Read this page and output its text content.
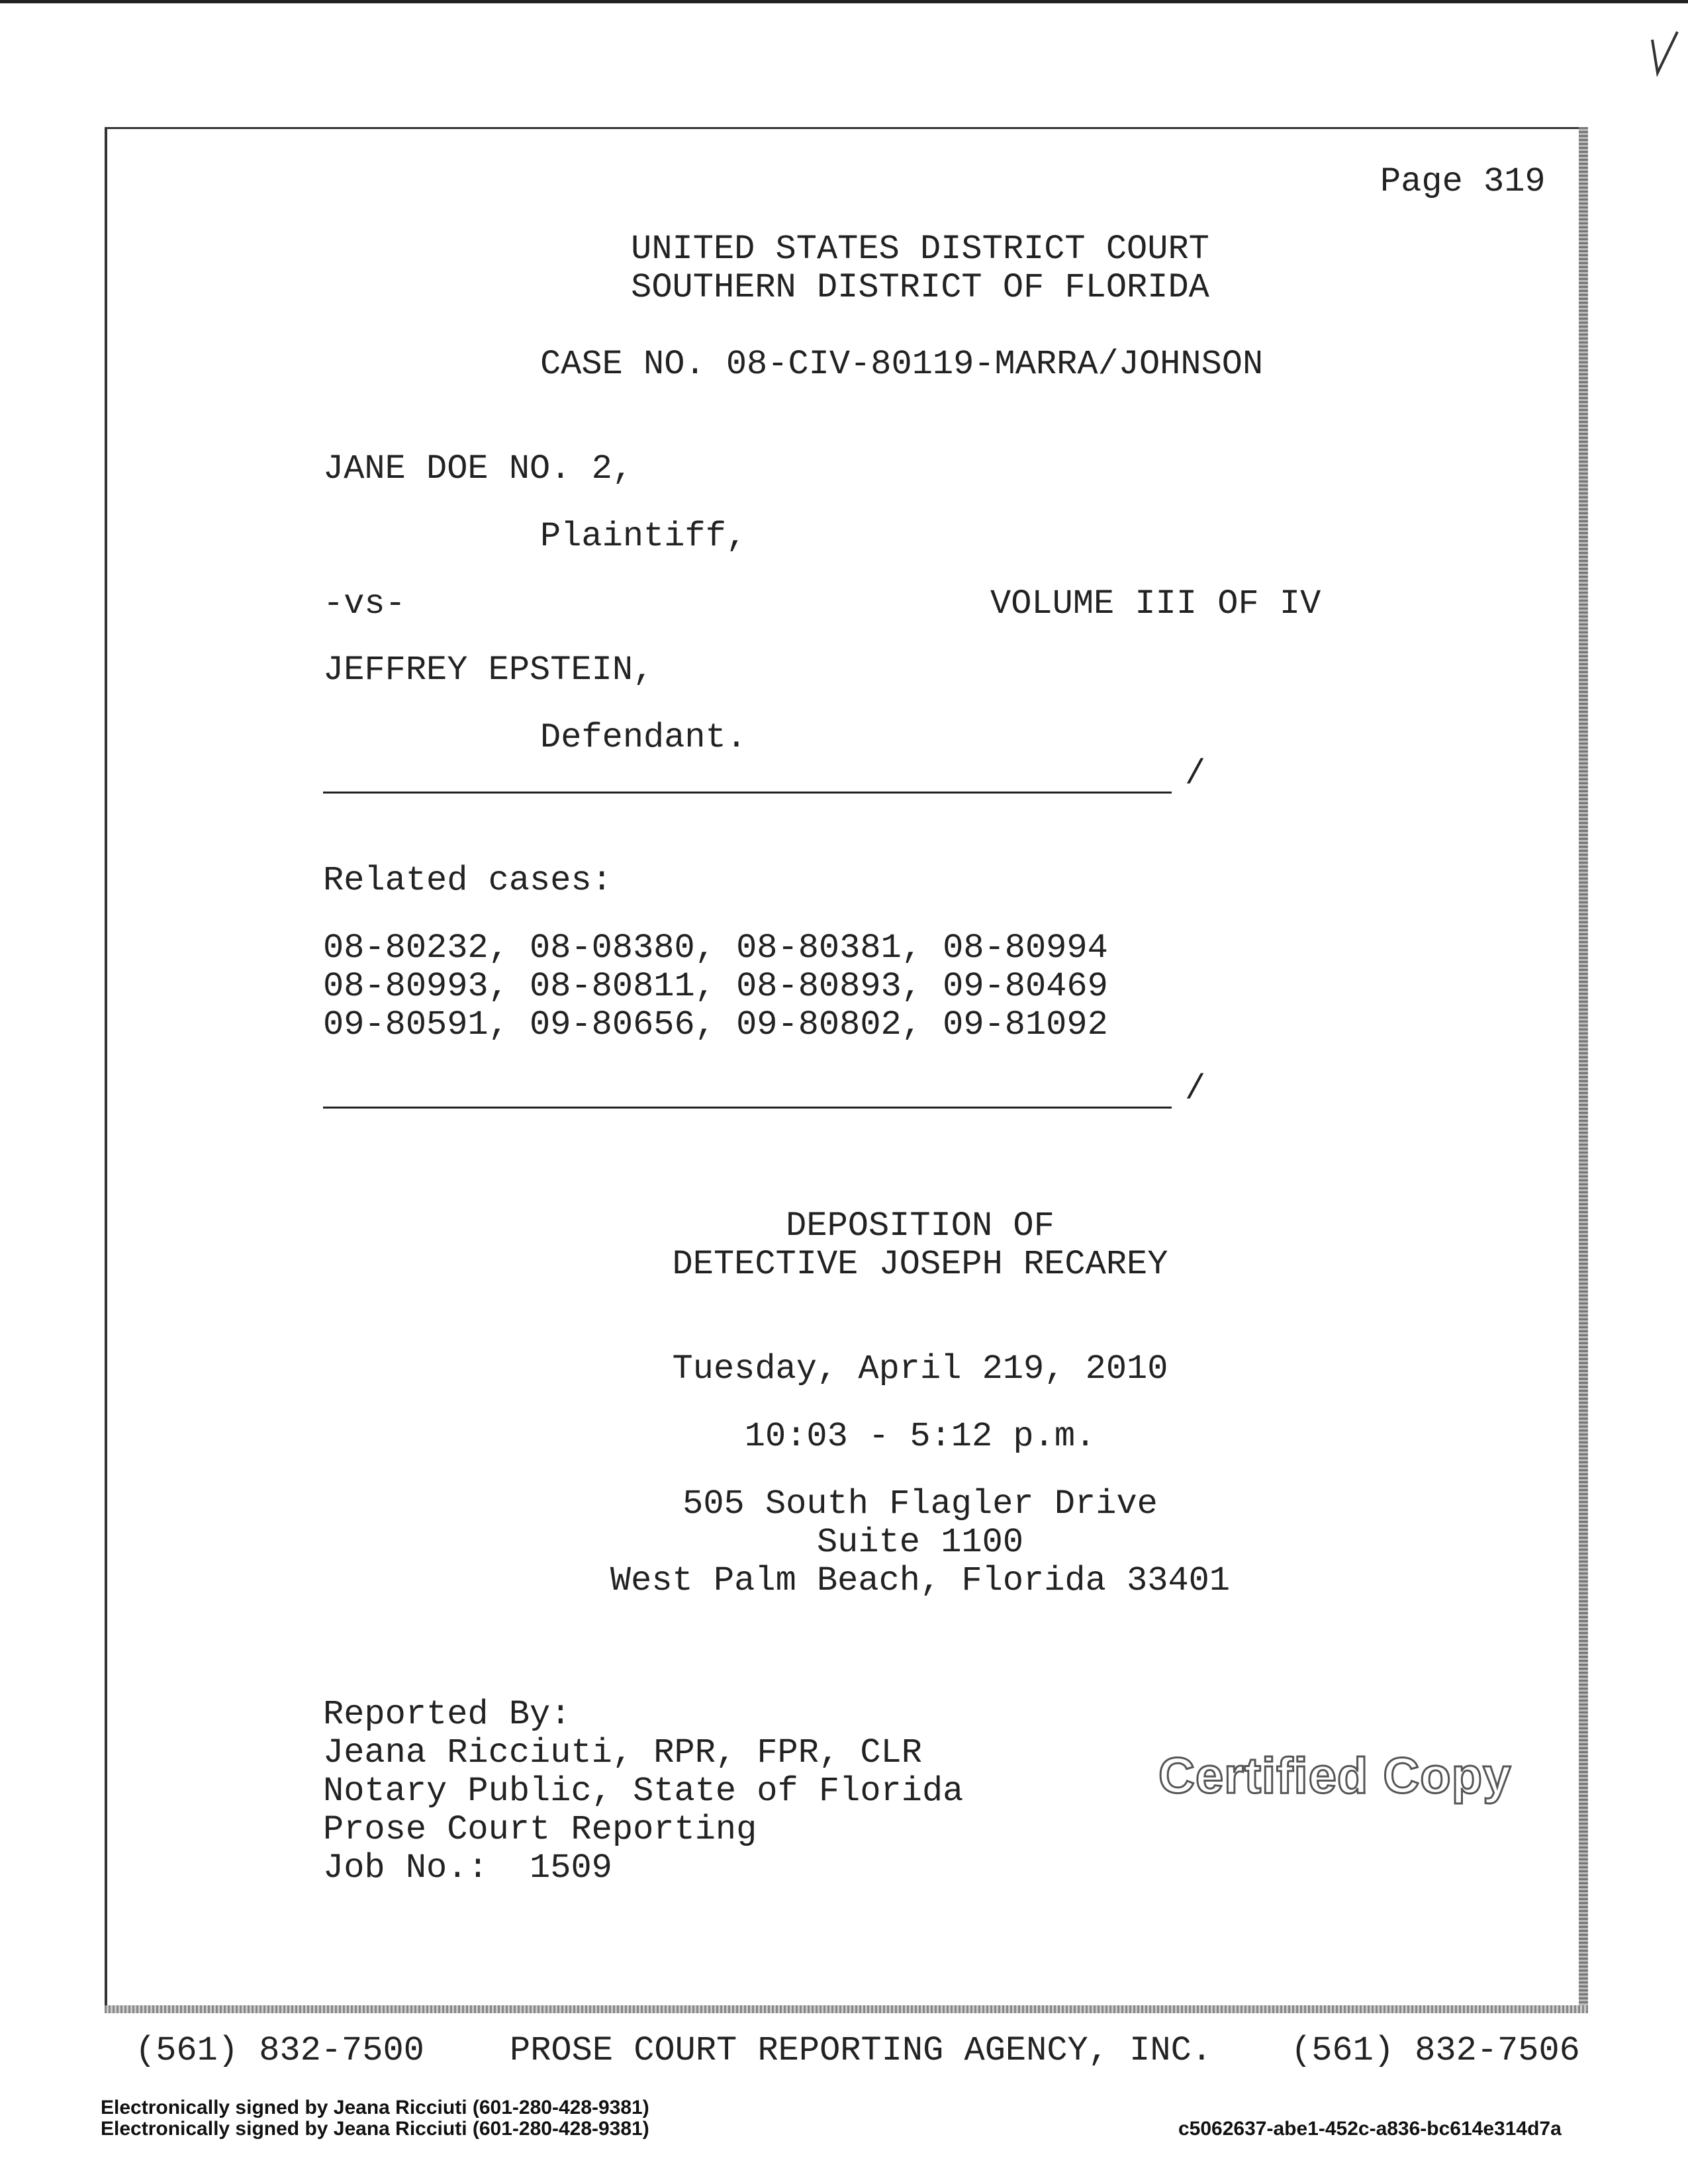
Page 319
UNITED STATES DISTRICT COURT
SOUTHERN DISTRICT OF FLORIDA
CASE NO. 08-CIV-80119-MARRA/JOHNSON
JANE DOE NO. 2,
Plaintiff,
-vs-	VOLUME III OF IV
JEFFREY EPSTEIN,
Defendant.
/
Related cases:
08-80232, 08-08380, 08-80381, 08-80994
08-80993, 08-80811, 08-80893, 09-80469
09-80591, 09-80656, 09-80802, 09-81092
/
DEPOSITION OF
DETECTIVE JOSEPH RECAREY
Tuesday, April 219, 2010
10:03 - 5:12 p.m.
505 South Flagler Drive
Suite 1100
West Palm Beach, Florida 33401
Reported By:
Jeana Ricciuti, RPR, FPR, CLR
Notary Public, State of Florida
Prose Court Reporting
Job No.:  1509
Certified Copy
(561) 832-7500 PROSE COURT REPORTING AGENCY, INC. (561) 832-7506
Electronically signed by Jeana Ricciuti (601-280-428-9381)
Electronically signed by Jeana Ricciuti (601-280-428-9381)	c5062637-abe1-452c-a836-bc614e314d7a
